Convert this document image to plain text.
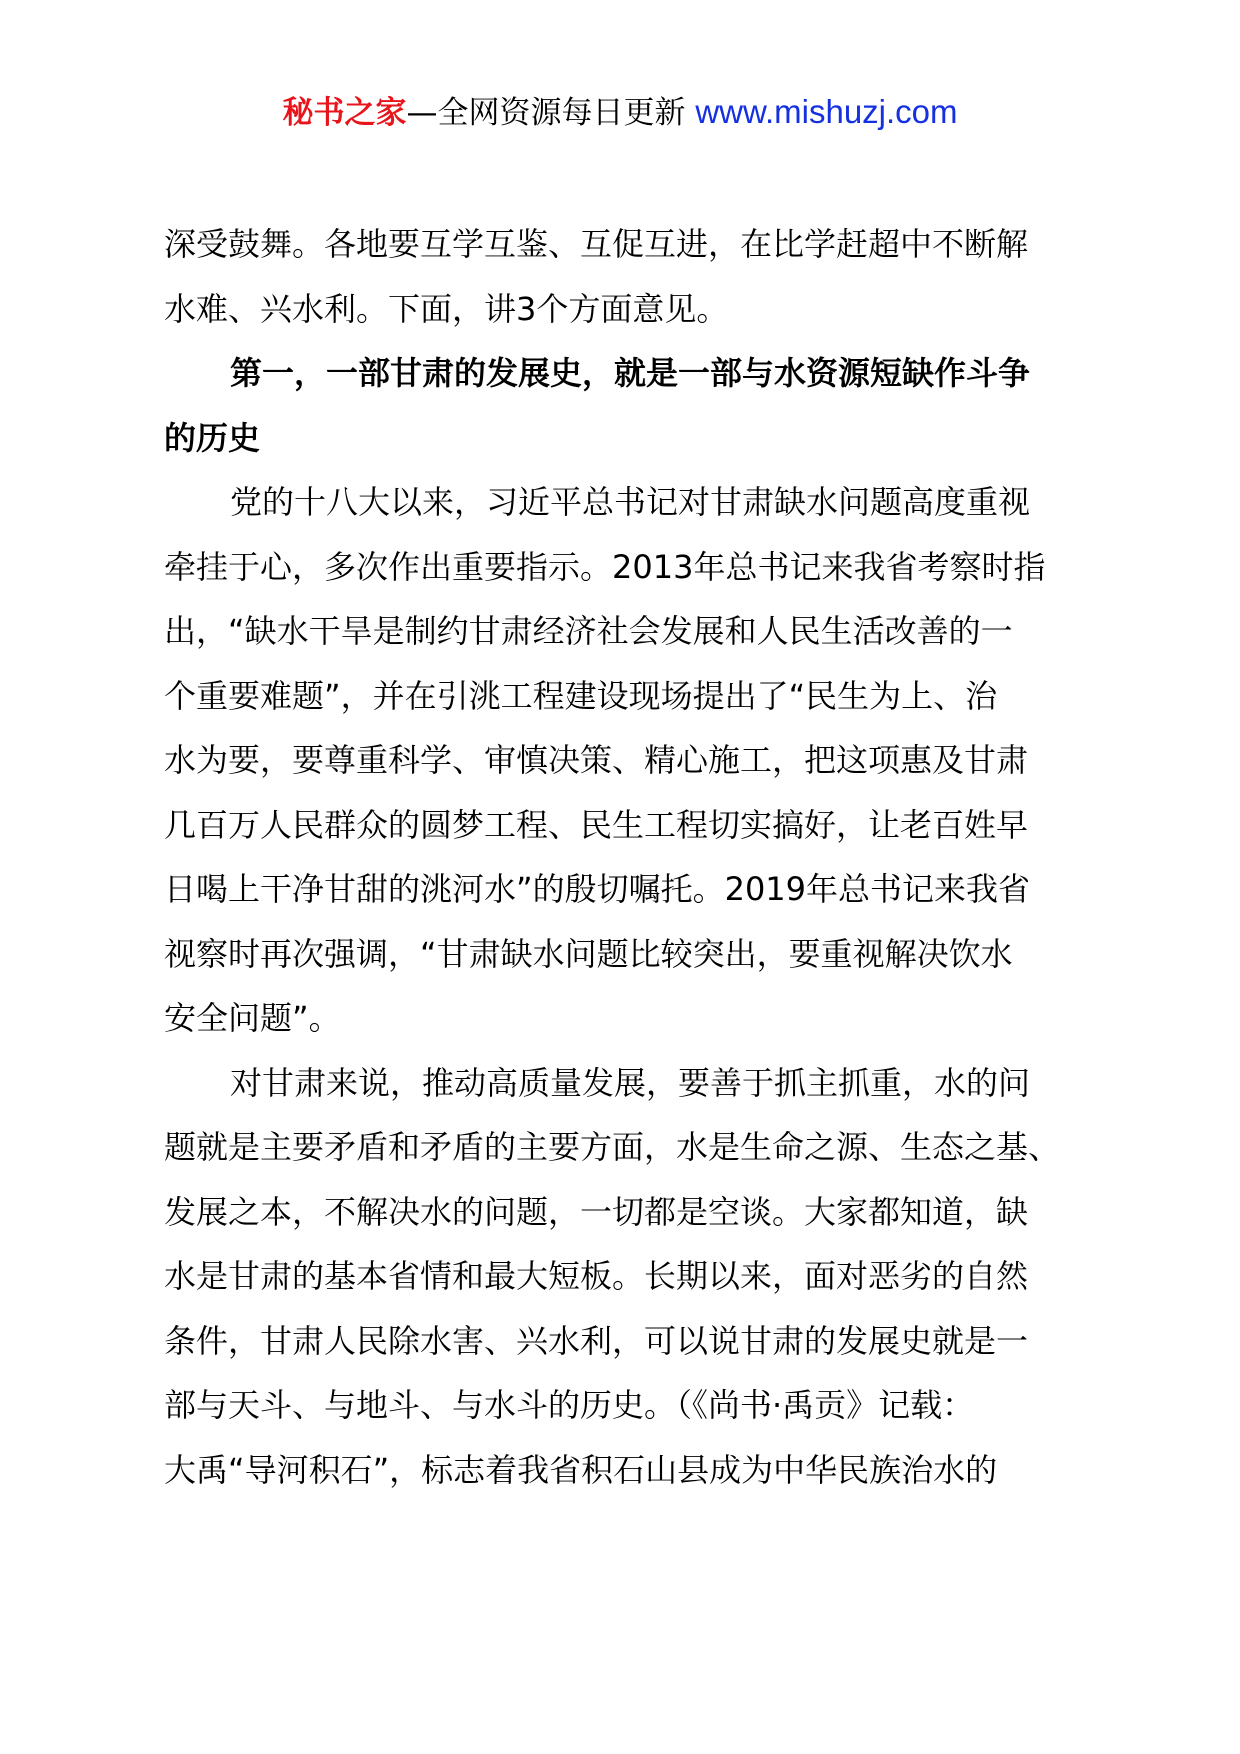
秘书之家—全网资源每日更新 www.mishuzj.com
深受鼓舞。各地要互学互鉴、互促互进，在比学赶超中不断解
水难、兴水利。下面，讲3个方面意见。
第一，一部甘肃的发展史，就是一部与水资源短缺作斗争
的历史
党的十八大以来，习近平总书记对甘肃缺水问题高度重视
牵挂于心，多次作出重要指示。2013年总书记来我省考察时指
出，“缺水干旱是制约甘肃经济社会发展和人民生活改善的一
个重要难题”，并在引洮工程建设现场提出了“民生为上、治
水为要，要尊重科学、审慎决策、精心施工，把这项惠及甘肃
几百万人民群众的圆梦工程、民生工程切实搞好，让老百姓早
日喝上干净甘甜的洮河水”的殷切嘱托。2019年总书记来我省
视察时再次强调，“甘肃缺水问题比较突出，要重视解决饮水
安全问题”。
对甘肃来说，推动高质量发展，要善于抓主抓重，水的问
题就是主要矛盾和矛盾的主要方面，水是生命之源、生态之基、
发展之本，不解决水的问题，一切都是空谈。大家都知道，缺
水是甘肃的基本省情和最大短板。长期以来，面对恶劣的自然
条件，甘肃人民除水害、兴水利，可以说甘肃的发展史就是一
部与天斗、与地斗、与水斗的历史。（《尚书·禹贡》记载：
大禹“导河积石”，标志着我省积石山县成为中华民族治水的
